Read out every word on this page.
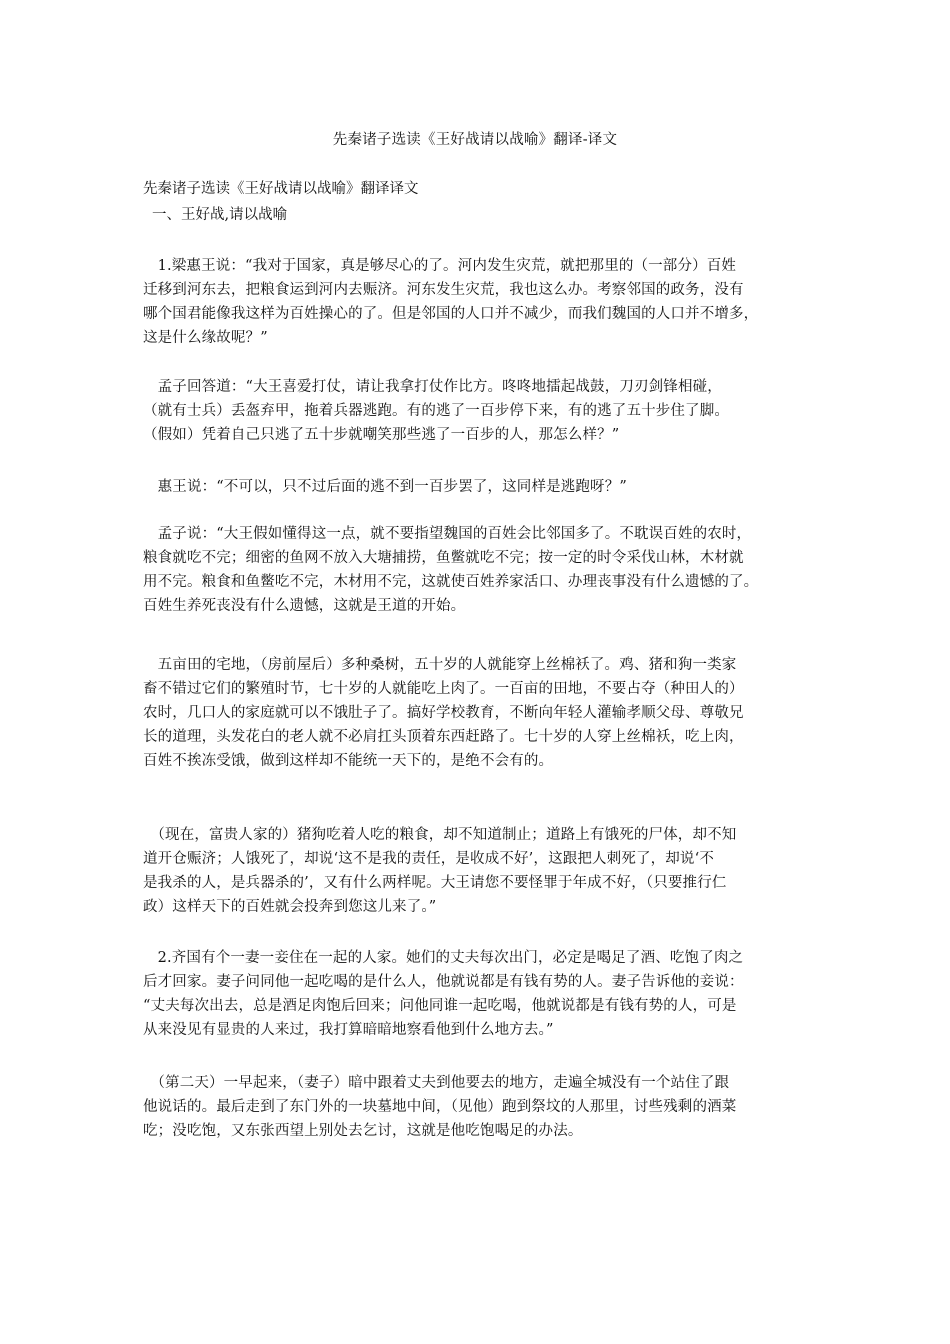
先秦诸子选读《王好战请以战喻》翻译-译文
先秦诸子选读《王好战请以战喻》翻译译文
一、王好战,请以战喻
　1.梁惠王说：“我对于国家，真是够尽心的了。河内发生灾荒，就把那里的（一部分）百姓
迁移到河东去，把粮食运到河内去赈济。河东发生灾荒，我也这么办。考察邻国的政务，没有
哪个国君能像我这样为百姓操心的了。但是邻国的人口并不减少，而我们魏国的人口并不增多，
这是什么缘故呢？”
　孟子回答道：“大王喜爱打仗，请让我拿打仗作比方。咚咚地擂起战鼓，刀刃剑锋相碰，
（就有士兵）丢盔弃甲，拖着兵器逃跑。有的逃了一百步停下来，有的逃了五十步住了脚。
（假如）凭着自己只逃了五十步就嘲笑那些逃了一百步的人，那怎么样？”
　惠王说：“不可以，只不过后面的逃不到一百步罢了，这同样是逃跑呀？”
　孟子说：“大王假如懂得这一点，就不要指望魏国的百姓会比邻国多了。不耽误百姓的农时，
粮食就吃不完；细密的鱼网不放入大塘捕捞，鱼鳖就吃不完；按一定的时令采伐山林，木材就
用不完。粮食和鱼鳖吃不完，木材用不完，这就使百姓养家活口、办理丧事没有什么遗憾的了。
百姓生养死丧没有什么遗憾，这就是王道的开始。
　五亩田的宅地，（房前屋后）多种桑树，五十岁的人就能穿上丝棉袄了。鸡、猪和狗一类家
畜不错过它们的繁殖时节，七十岁的人就能吃上肉了。一百亩的田地，不要占夺（种田人的）
农时，几口人的家庭就可以不饿肚子了。搞好学校教育，不断向年轻人灌输孝顺父母、尊敬兄
长的道理，头发花白的老人就不必肩扛头顶着东西赶路了。七十岁的人穿上丝棉袄，吃上肉，
百姓不挨冻受饿，做到这样却不能统一天下的，是绝不会有的。
　（现在，富贵人家的）猪狗吃着人吃的粮食，却不知道制止；道路上有饿死的尸体，却不知
道开仓赈济；人饿死了，却说‘这不是我的责任，是收成不好’，这跟把人刺死了，却说‘不
是我杀的人，是兵器杀的’，又有什么两样呢。大王请您不要怪罪于年成不好，（只要推行仁
政）这样天下的百姓就会投奔到您这儿来了。”
　2.齐国有个一妻一妾住在一起的人家。她们的丈夫每次出门，必定是喝足了酒、吃饱了肉之
后才回家。妻子问同他一起吃喝的是什么人，他就说都是有钱有势的人。妻子告诉他的妾说：
“丈夫每次出去，总是酒足肉饱后回来；问他同谁一起吃喝，他就说都是有钱有势的人，可是
从来没见有显贵的人来过，我打算暗暗地察看他到什么地方去。”
　（第二天）一早起来，（妻子）暗中跟着丈夫到他要去的地方，走遍全城没有一个站住了跟
他说话的。最后走到了东门外的一块墓地中间，（见他）跑到祭坟的人那里，讨些残剩的酒菜
吃；没吃饱，又东张西望上别处去乞讨，这就是他吃饱喝足的办法。
